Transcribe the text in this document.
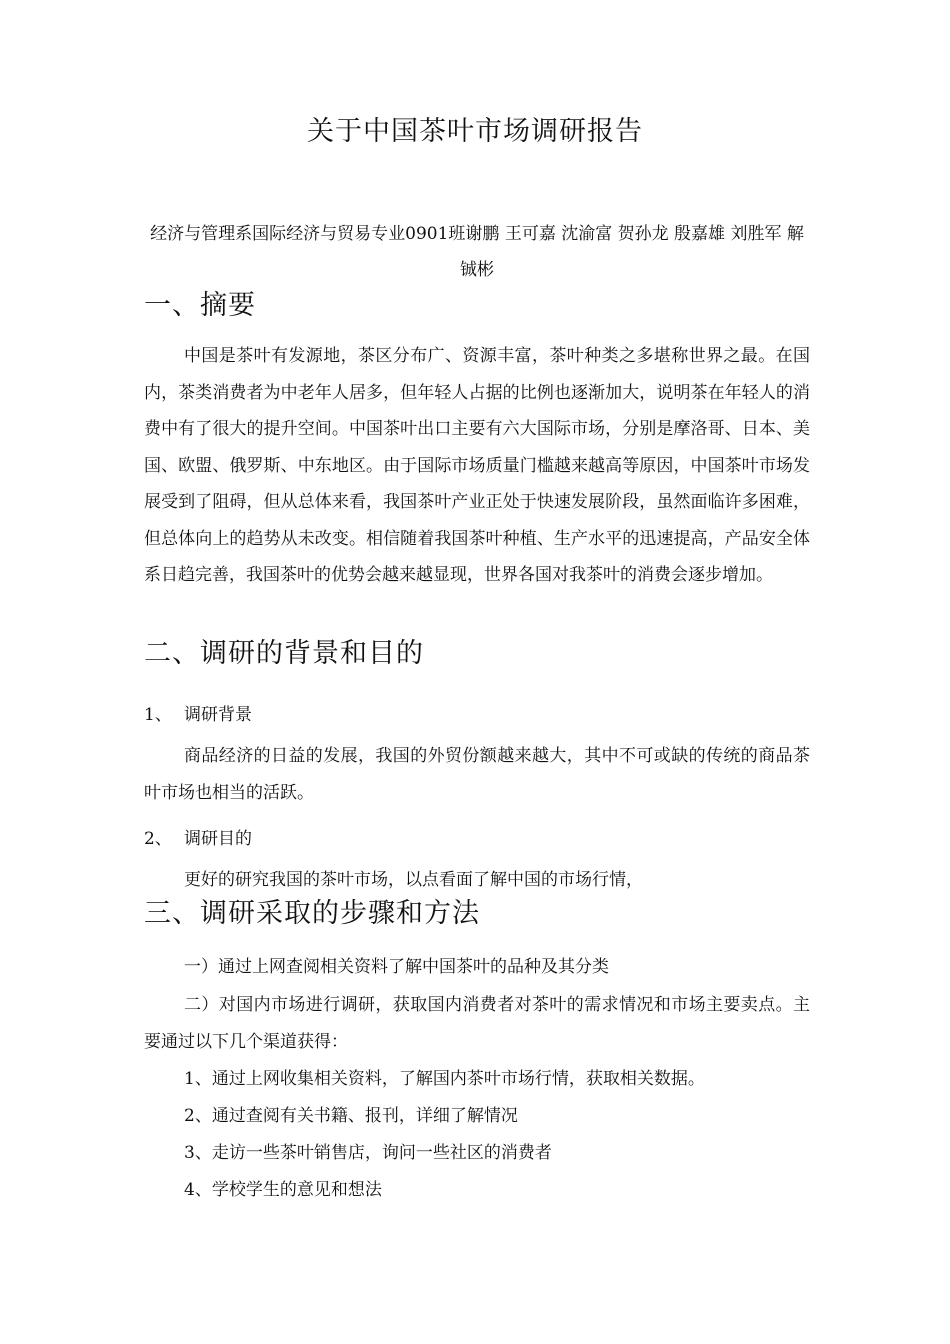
关于中国茶叶市场调研报告
经济与管理系国际经济与贸易专业0901班谢鹏 王可嘉 沈渝富 贺孙龙 殷嘉雄 刘胜军 解铖彬
一、摘要
中国是茶叶有发源地，茶区分布广、资源丰富，茶叶种类之多堪称世界之最。在国内，茶类消费者为中老年人居多，但年轻人占据的比例也逐渐加大，说明茶在年轻人的消费中有了很大的提升空间。中国茶叶出口主要有六大国际市场，分别是摩洛哥、日本、美国、欧盟、俄罗斯、中东地区。由于国际市场质量门槛越来越高等原因，中国茶叶市场发展受到了阻碍，但从总体来看，我国茶叶产业正处于快速发展阶段，虽然面临许多困难，但总体向上的趋势从未改变。相信随着我国茶叶种植、生产水平的迅速提高，产品安全体系日趋完善，我国茶叶的优势会越来越显现，世界各国对我茶叶的消费会逐步增加。
二、调研的背景和目的
1、 调研背景
商品经济的日益的发展，我国的外贸份额越来越大，其中不可或缺的传统的商品茶叶市场也相当的活跃。
2、 调研目的
更好的研究我国的茶叶市场，以点看面了解中国的市场行情，
三、调研采取的步骤和方法
一）通过上网查阅相关资料了解中国茶叶的品种及其分类
二）对国内市场进行调研，获取国内消费者对茶叶的需求情况和市场主要卖点。主要通过以下几个渠道获得：
1、通过上网收集相关资料，了解国内茶叶市场行情，获取相关数据。
2、通过查阅有关书籍、报刊，详细了解情况
3、走访一些茶叶销售店，询问一些社区的消费者
4、学校学生的意见和想法
